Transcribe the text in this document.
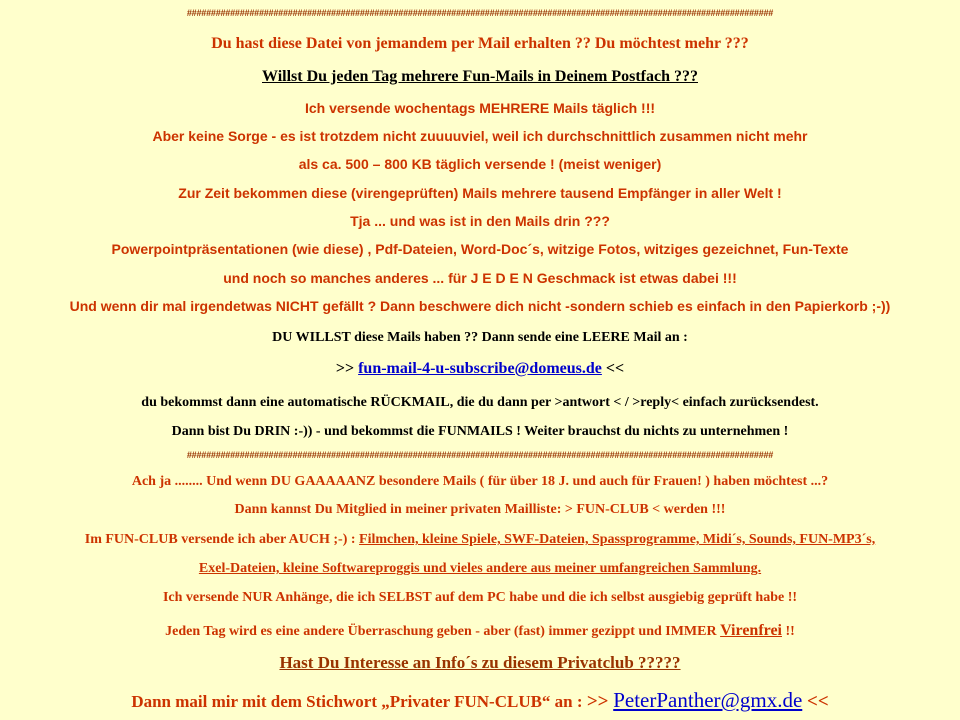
##########################################################################################################################
Du hast diese Datei von jemandem per Mail erhalten ?? Du möchtest mehr ???
Willst Du jeden Tag mehrere Fun-Mails in Deinem Postfach ???
Ich versende wochentags MEHRERE Mails täglich !!!
Aber keine Sorge - es ist trotzdem nicht zuuuuviel, weil ich durchschnittlich zusammen nicht mehr
als ca. 500 – 800 KB täglich versende ! (meist weniger)
Zur Zeit bekommen diese (virengeprüften) Mails mehrere tausend Empfänger in aller Welt !
Tja ... und was ist in den Mails drin ???
Powerpointpräsentationen (wie diese) , Pdf-Dateien, Word-Doc´s, witzige Fotos, witziges gezeichnet, Fun-Texte
und noch so manches anderes ... für J E D E N Geschmack ist etwas dabei !!!
Und wenn dir mal irgendetwas NICHT gefällt ? Dann beschwere dich nicht -sondern schieb es einfach in den Papierkorb ;-))
DU WILLST diese Mails haben ?? Dann sende eine LEERE Mail an :
>> fun-mail-4-u-subscribe@domeus.de <<
du bekommst dann eine automatische RÜCKMAIL, die du dann per >antwort < / >reply< einfach zurücksendest.
Dann bist Du DRIN :-)) - und bekommst die FUNMAILS ! Weiter brauchst du nichts zu unternehmen !
##########################################################################################################################
Ach ja ........ Und wenn DU GAAAAANZ besondere Mails ( für über 18 J. und auch für Frauen! ) haben möchtest ...?
Dann kannst Du Mitglied in meiner privaten Mailliste: > FUN-CLUB < werden !!!
Im FUN-CLUB versende ich aber AUCH ;-) : Filmchen, kleine Spiele, SWF-Dateien, Spassprogramme, Midi´s, Sounds, FUN-MP3´s,
Exel-Dateien, kleine Softwareproggis und vieles andere aus meiner umfangreichen Sammlung.
Ich versende NUR Anhänge, die ich SELBST auf dem PC habe und die ich selbst ausgiebig geprüft habe !!
Jeden Tag wird es eine andere Überraschung geben - aber (fast) immer gezippt und IMMER Virenfrei !!
Hast Du Interesse an Info´s zu diesem Privatclub ?????
Dann mail mir mit dem Stichwort „Privater FUN-CLUB“ an : >> PeterPanther@gmx.de <<
